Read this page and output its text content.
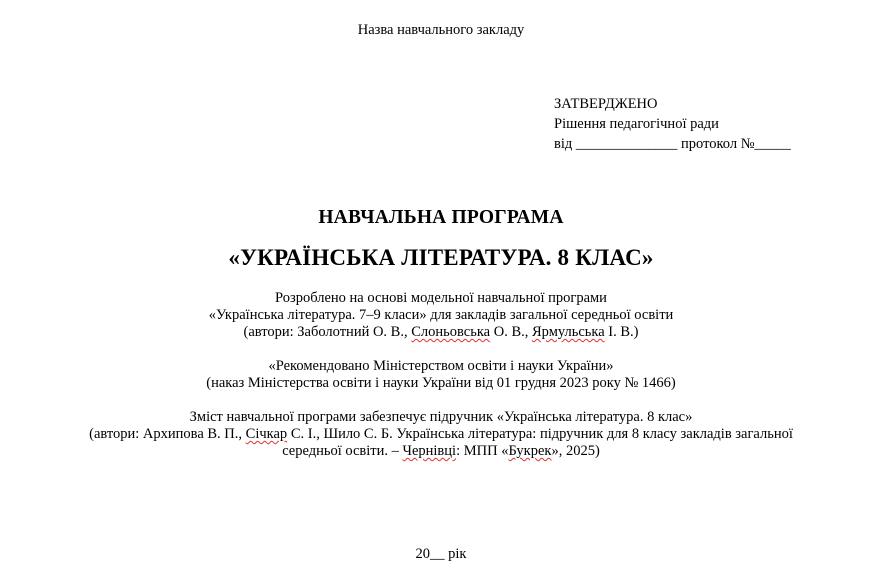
Назва навчального закладу
ЗАТВЕРДЖЕНО
Рішення педагогічної ради
від ______________ протокол №_____
НАВЧАЛЬНА ПРОГРАМА
«УКРАЇНСЬКА ЛІТЕРАТУРА. 8 КЛАС»
Розроблено на основі модельної навчальної програми
«Українська література. 7–9 класи» для закладів загальної середньої освіти
(автори: Заболотний О. В., Слоньовська О. В., Ярмульська І. В.)
«Рекомендовано Міністерством освіти і науки України»
(наказ Міністерства освіти і науки України від 01 грудня 2023 року № 1466)
Зміст навчальної програми забезпечує підручник «Українська література. 8 клас»
(автори: Архипова В. П., Січкар С. І., Шило С. Б. Українська література: підручник для 8 класу закладів загальної
середньої освіти. – Чернівці: МПП «Букрек», 2025)
20__ рік
